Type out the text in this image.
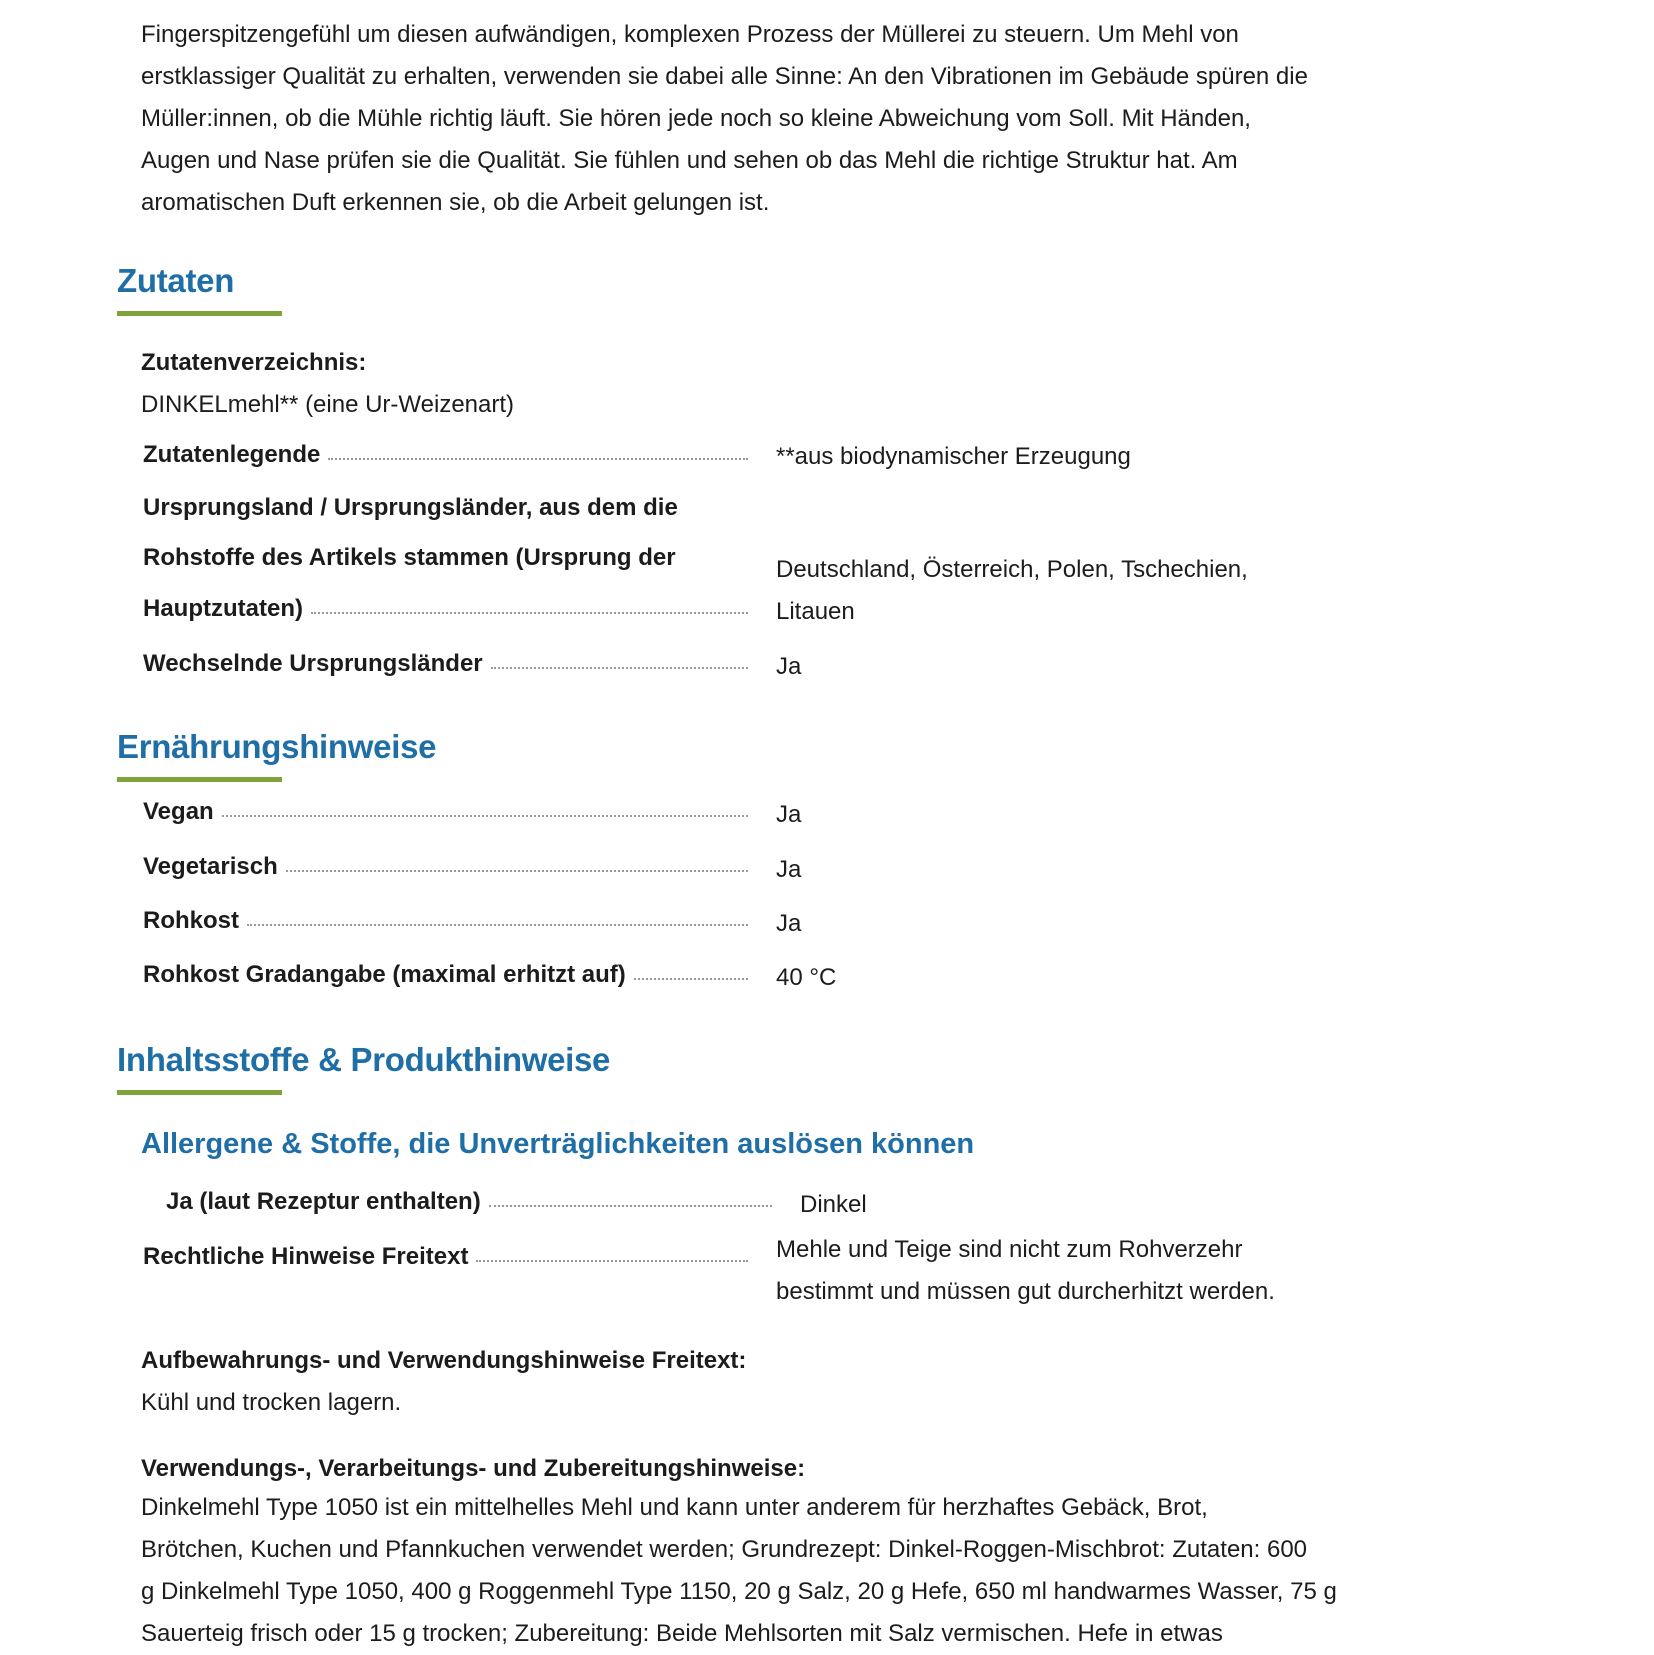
Fingerspitzengefühl um diesen aufwändigen, komplexen Prozess der Müllerei zu steuern. Um Mehl von
erstklassiger Qualität zu erhalten, verwenden sie dabei alle Sinne: An den Vibrationen im Gebäude spüren die
Müller:innen, ob die Mühle richtig läuft. Sie hören jede noch so kleine Abweichung vom Soll. Mit Händen,
Augen und Nase prüfen sie die Qualität. Sie fühlen und sehen ob das Mehl die richtige Struktur hat. Am
aromatischen Duft erkennen sie, ob die Arbeit gelungen ist.
Zutaten
Zutatenverzeichnis:
DINKELmehl** (eine Ur-Weizenart)
Zutatenlegende	**aus biodynamischer Erzeugung
Ursprungsland / Ursprungsländer, aus dem die
Rohstoffe des Artikels stammen (Ursprung der
Hauptzutaten)
Deutschland, Österreich, Polen, Tschechien,
Litauen
Wechselnde Ursprungsländer	Ja
Ernährungshinweise
Vegan	Ja
Vegetarisch	Ja
Rohkost	Ja
Rohkost Gradangabe (maximal erhitzt auf)	40 °C
Inhaltsstoffe & Produkthinweise
Allergene & Stoffe, die Unverträglichkeiten auslösen können
Ja (laut Rezeptur enthalten)	Dinkel
Rechtliche Hinweise Freitext	Mehle und Teige sind nicht zum Rohverzehr
bestimmt und müssen gut durcherhitzt werden.
Aufbewahrungs- und Verwendungshinweise Freitext:
Kühl und trocken lagern.
Verwendungs-, Verarbeitungs- und Zubereitungshinweise:
Dinkelmehl Type 1050 ist ein mittelhelles Mehl und kann unter anderem für herzhaftes Gebäck, Brot,
Brötchen, Kuchen und Pfannkuchen verwendet werden; Grundrezept: Dinkel-Roggen-Mischbrot: Zutaten: 600
g Dinkelmehl Type 1050, 400 g Roggenmehl Type 1150, 20 g Salz, 20 g Hefe, 650 ml handwarmes Wasser, 75 g
Sauerteig frisch oder 15 g trocken; Zubereitung: Beide Mehlsorten mit Salz vermischen. Hefe in etwas
